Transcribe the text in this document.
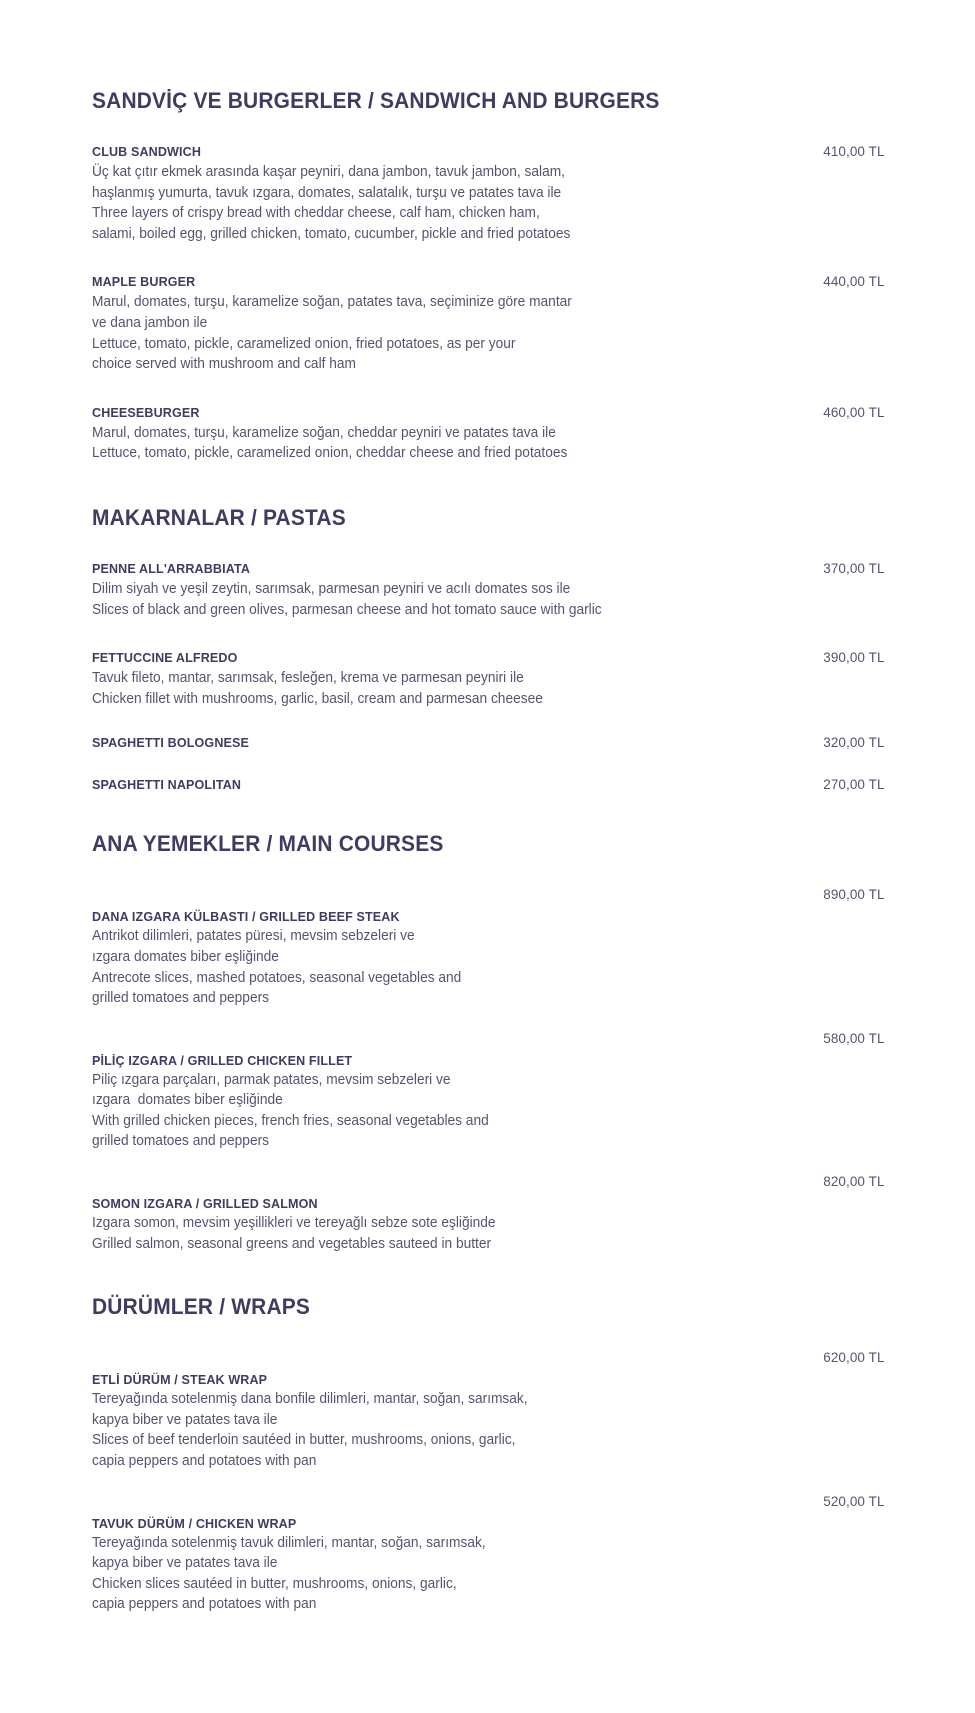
SANDVİÇ VE BURGERLER / SANDWICH AND BURGERS
CLUB SANDWICH	410,00 TL
Üç kat çıtır ekmek arasında kaşar peyniri, dana jambon, tavuk jambon, salam,
haşlanmış yumurta, tavuk ızgara, domates, salatalık, turşu ve patates tava ile
Three layers of crispy bread with cheddar cheese, calf ham, chicken ham,
salami, boiled egg, grilled chicken, tomato, cucumber, pickle and fried potatoes
MAPLE BURGER	440,00 TL
Marul, domates, turşu, karamelize soğan, patates tava, seçiminize göre mantar
ve dana jambon ile
Lettuce, tomato, pickle, caramelized onion, fried potatoes, as per your
choice served with mushroom and calf ham
CHEESEBURGER	460,00 TL
Marul, domates, turşu, karamelize soğan, cheddar peyniri ve patates tava ile
Lettuce, tomato, pickle, caramelized onion, cheddar cheese and fried potatoes
MAKARNALAR / PASTAS
PENNE ALL'ARRABBIATA	370,00 TL
Dilim siyah ve yeşil zeytin, sarımsak, parmesan peyniri ve acılı domates sos ile
Slices of black and green olives, parmesan cheese and hot tomato sauce with garlic
FETTUCCINE ALFREDO	390,00 TL
Tavuk fileto, mantar, sarımsak, fesleğen, krema ve parmesan peyniri ile
Chicken fillet with mushrooms, garlic, basil, cream and parmesan cheesee
SPAGHETTI BOLOGNESE	320,00 TL
SPAGHETTI NAPOLITAN	270,00 TL
ANA YEMEKLER / MAIN COURSES
890,00 TL
DANA IZGARA KÜLBASTI / GRILLED BEEF STEAK
Antrikot dilimleri, patates püresi, mevsim sebzeleri ve
ızgara domates biber eşliğinde
Antrecote slices, mashed potatoes, seasonal vegetables and
grilled tomatoes and peppers
580,00 TL
PİLİÇ IZGARA / GRILLED CHICKEN FILLET
Piliç ızgara parçaları, parmak patates, mevsim sebzeleri ve
ızgara  domates biber eşliğinde
With grilled chicken pieces, french fries, seasonal vegetables and
grilled tomatoes and peppers
820,00 TL
SOMON IZGARA / GRILLED SALMON
Izgara somon, mevsim yeşillikleri ve tereyağlı sebze sote eşliğinde
Grilled salmon, seasonal greens and vegetables sauteed in butter
DÜRÜMLER / WRAPS
620,00 TL
ETLİ DÜRÜM / STEAK WRAP
Tereyağında sotelenmiş dana bonfile dilimleri, mantar, soğan, sarımsak,
kapya biber ve patates tava ile
Slices of beef tenderloin sautéed in butter, mushrooms, onions, garlic,
capia peppers and potatoes with pan
520,00 TL
TAVUK DÜRÜM / CHICKEN WRAP
Tereyağında sotelenmiş tavuk dilimleri, mantar, soğan, sarımsak,
kapya biber ve patates tava ile
Chicken slices sautéed in butter, mushrooms, onions, garlic,
capia peppers and potatoes with pan
